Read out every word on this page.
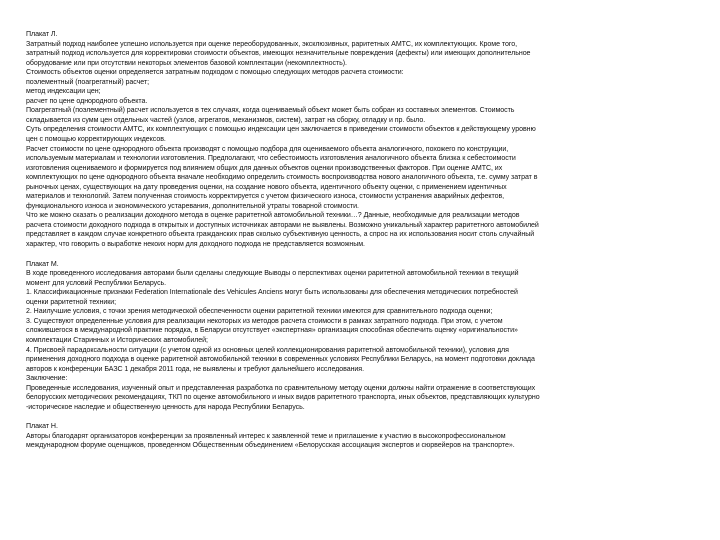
Плакат Л.
Затратный подход наиболее успешно используется при оценке переоборудованных, эксклюзивных, раритетных АМТС, их комплектующих. Кроме того,
затратный подход используется для корректировки стоимости объектов, имеющих незначительные повреждения (дефекты) или имеющих дополнительное
оборудование или при отсутствии некоторых элементов базовой комплектации (некомплектность).
Стоимость объектов оценки определяется затратным подходом с помощью следующих методов расчета стоимости:
поэлементный (поагрегатный) расчет;
метод индексации цен;
расчет по цене однородного объекта.
Поагрегатный (поэлементный) расчет используется в тех случаях, когда оцениваемый объект может быть собран из составных элементов. Стоимость
складывается из сумм цен отдельных частей (узлов, агрегатов, механизмов, систем), затрат на сборку, отладку и пр. было.
Суть определения стоимости АМТС, их комплектующих с помощью индексации цен заключается в приведении стоимости объектов к действующему уровню
цен с помощью корректирующих индексов.
Расчет стоимости по цене однородного объекта производят с помощью подбора для оцениваемого объекта аналогичного, похожего по конструкции,
используемым материалам и технологии изготовления. Предполагают, что себестоимость изготовления аналогичного объекта близка к себестоимости
изготовления оцениваемого и формируется под влиянием общих для данных объектов оценки производственных факторов. При оценке АМТС, их
комплектующих по цене однородного объекта вначале необходимо определить стоимость воспроизводства нового аналогичного объекта, т.е. сумму затрат в
рыночных ценах, существующих на дату проведения оценки, на создание нового объекта, идентичного объекту оценки, с применением идентичных
материалов и технологий. Затем полученная стоимость корректируется с учетом физического износа, стоимости устранения аварийных дефектов,
функционального износа и экономического устаревания, дополнительной утраты товарной стоимости.
Что же можно сказать о реализации доходного метода в оценке раритетной автомобильной техники…? Данные, необходимые для реализации методов
расчета стоимости доходного подхода в открытых и доступных источниках авторами не выявлены. Возможно уникальный характер раритетного автомобилей
представляет в каждом случае конкретного объекта гражданских прав сколько субъективную ценность, а спрос на их использования носит столь случайный
характер, что говорить о выработке некоих норм для доходного подхода не представляется возможным.
Плакат М.
В ходе проведенного исследования авторами были сделаны следующие Выводы о перспективах оценки раритетной автомобильной техники в текущий
момент для условий Республики Беларусь.
1. Классификационные признаки Federation Internationale des Vehicules Anciens могут быть использованы для обеспечения методических потребностей
оценки раритетной техники;
2. Наилучшие условия, с точки зрения методической обеспеченности оценки раритетной техники имеются для сравнительного подхода оценки;
3. Существуют определенные условия для реализации некоторых из методов расчета стоимости в рамках затратного подхода. При этом, с учетом
сложившегося в международной практике порядка, в Беларуси отсутствует «экспертная» организация способная обеспечить оценку «оригинальности»
комплектации Старинных и Исторических автомобилей;
4. Присвоей парадоксальности ситуации (с учетом одной из основных целей коллекционирования раритетной автомобильной техники), условия для
применения доходного подхода в оценке раритетной автомобильной техники в современных условиях Республики Беларусь, на момент подготовки доклада
авторов к конференции БАЗС 1 декабря 2011 года, не выявлены и требуют дальнейшего исследования.
Заключение:
Проведенные исследования, изученный опыт и представленная разработка по сравнительному методу оценки должны найти отражение в соответствующих
белорусских методических рекомендациях, ТКП по оценке автомобильного и иных видов раритетного транспорта, иных объектов, представляющих культурно
-историческое наследие и общественную ценность для народа Республики Беларусь.
Плакат Н.
Авторы благодарят организаторов конференции за проявленный интерес к заявленной теме и приглашение к участию в высокопрофессиональном
международном форуме оценщиков, проведенном Общественным объединением «Белорусская ассоциация экспертов и сюрвейеров на транспорте».
